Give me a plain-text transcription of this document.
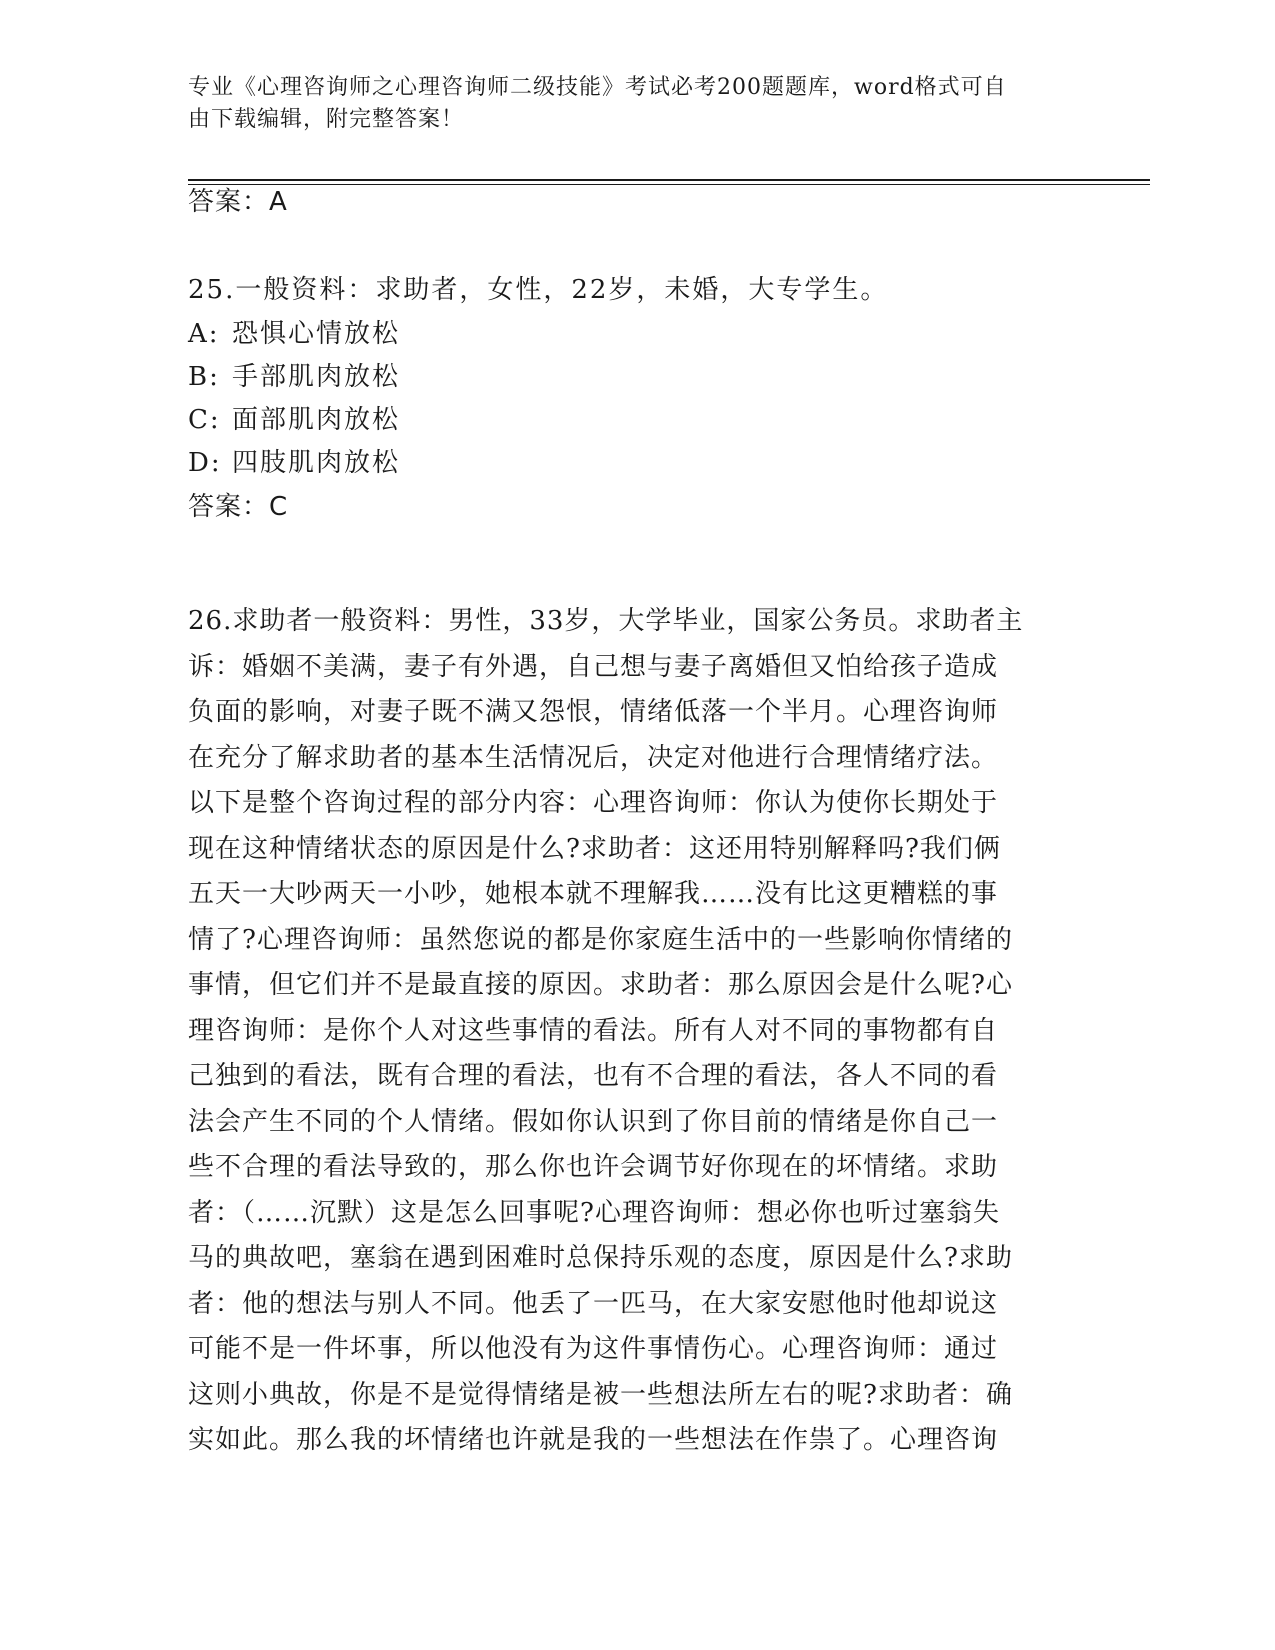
专业《心理咨询师之心理咨询师二级技能》考试必考200题题库，word格式可自
由下载编辑，附完整答案！
答案：A
25.一般资料：求助者，女性，22岁，未婚，大专学生。
A: 恐惧心情放松
B: 手部肌肉放松
C: 面部肌肉放松
D: 四肢肌肉放松
答案：C
26.求助者一般资料：男性，33岁，大学毕业，国家公务员。求助者主
诉：婚姻不美满，妻子有外遇，自己想与妻子离婚但又怕给孩子造成
负面的影响，对妻子既不满又怨恨，情绪低落一个半月。心理咨询师
在充分了解求助者的基本生活情况后，决定对他进行合理情绪疗法。
以下是整个咨询过程的部分内容：心理咨询师：你认为使你长期处于
现在这种情绪状态的原因是什么?求助者：这还用特别解释吗?我们俩
五天一大吵两天一小吵，她根本就不理解我……没有比这更糟糕的事
情了?心理咨询师：虽然您说的都是你家庭生活中的一些影响你情绪的
事情，但它们并不是最直接的原因。求助者：那么原因会是什么呢?心
理咨询师：是你个人对这些事情的看法。所有人对不同的事物都有自
己独到的看法，既有合理的看法，也有不合理的看法，各人不同的看
法会产生不同的个人情绪。假如你认识到了你目前的情绪是你自己一
些不合理的看法导致的，那么你也许会调节好你现在的坏情绪。求助
者：（……沉默）这是怎么回事呢?心理咨询师：想必你也听过塞翁失
马的典故吧，塞翁在遇到困难时总保持乐观的态度，原因是什么?求助
者：他的想法与别人不同。他丢了一匹马，在大家安慰他时他却说这
可能不是一件坏事，所以他没有为这件事情伤心。心理咨询师：通过
这则小典故，你是不是觉得情绪是被一些想法所左右的呢?求助者：确
实如此。那么我的坏情绪也许就是我的一些想法在作祟了。心理咨询
